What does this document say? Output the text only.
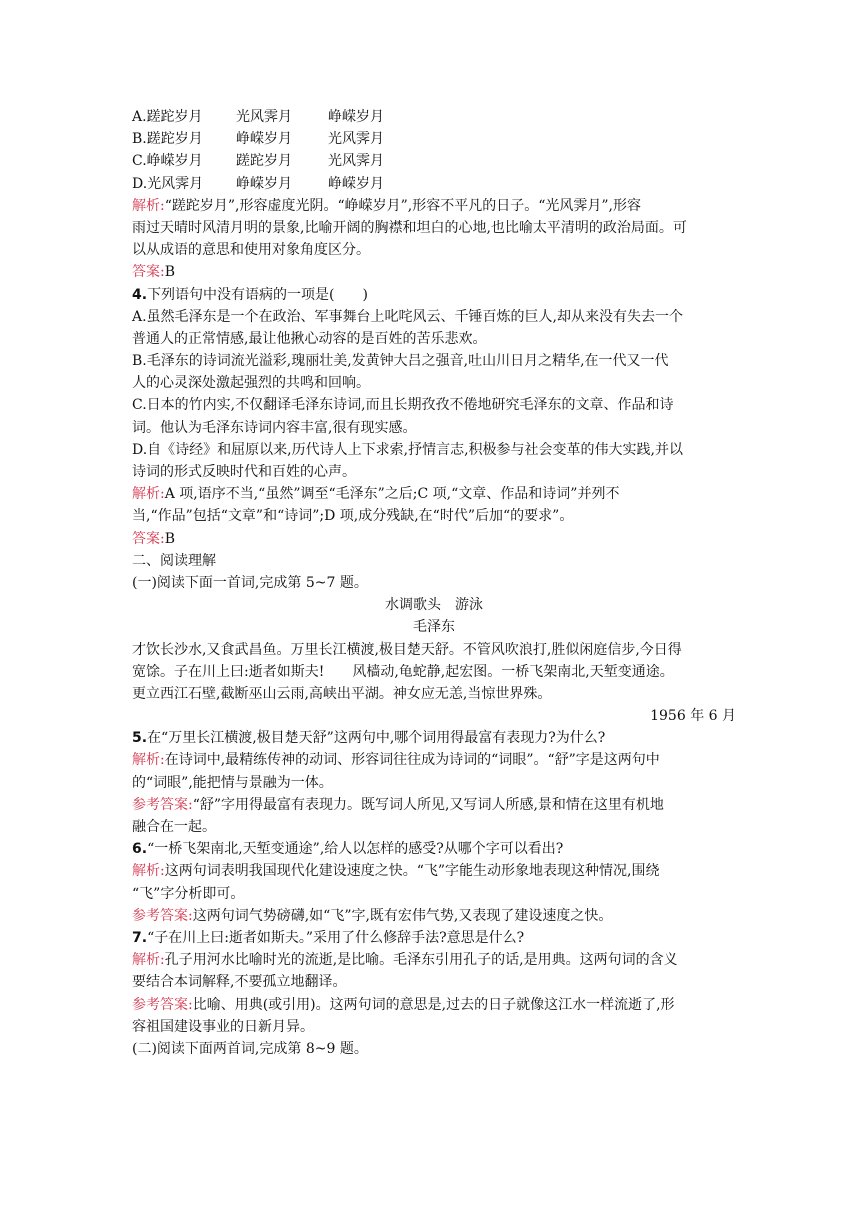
A.蹉跎岁月 光风霁月	峥嵘岁月
B.蹉跎岁月 峥嵘岁月	光风霁月
C.峥嵘岁月 蹉跎岁月	光风霁月
D.光风霁月 峥嵘岁月	峥嵘岁月
解析:“蹉跎岁月”,形容虚度光阴。“峥嵘岁月”,形容不平凡的日子。“光风霁月”,形容
雨过天晴时风清月明的景象,比喻开阔的胸襟和坦白的心地,也比喻太平清明的政治局面。可
以从成语的意思和使用对象角度区分。
答案:B
4.下列语句中没有语病的一项是(　　)
A.虽然毛泽东是一个在政治、军事舞台上叱咤风云、千锤百炼的巨人,却从来没有失去一个
普通人的正常情感,最让他揪心动容的是百姓的苦乐悲欢。
B.毛泽东的诗词流光溢彩,瑰丽壮美,发黄钟大吕之强音,吐山川日月之精华,在一代又一代
人的心灵深处激起强烈的共鸣和回响。
C.日本的竹内实,不仅翻译毛泽东诗词,而且长期孜孜不倦地研究毛泽东的文章、作品和诗
词。他认为毛泽东诗词内容丰富,很有现实感。
D.自《诗经》和屈原以来,历代诗人上下求索,抒情言志,积极参与社会变革的伟大实践,并以
诗词的形式反映时代和百姓的心声。
解析:A 项,语序不当,“虽然”调至“毛泽东”之后;C 项,“文章、作品和诗词”并列不
当,“作品”包括“文章”和“诗词”;D 项,成分残缺,在“时代”后加“的要求”。
答案:B
二、阅读理解
(一)阅读下面一首词,完成第 5~7 题。
水调歌头　游泳
毛泽东
才饮长沙水,又食武昌鱼。万里长江横渡,极目楚天舒。不管风吹浪打,胜似闲庭信步,今日得
宽馀。子在川上曰:逝者如斯夫!　　风樯动,龟蛇静,起宏图。一桥飞架南北,天堑变通途。
更立西江石壁,截断巫山云雨,高峡出平湖。神女应无恙,当惊世界殊。
1956 年 6 月
5.在“万里长江横渡,极目楚天舒”这两句中,哪个词用得最富有表现力?为什么?
解析:在诗词中,最精练传神的动词、形容词往往成为诗词的“词眼”。“舒”字是这两句中
的“词眼”,能把情与景融为一体。
参考答案:“舒”字用得最富有表现力。既写词人所见,又写词人所感,景和情在这里有机地
融合在一起。
6.“一桥飞架南北,天堑变通途”,给人以怎样的感受?从哪个字可以看出?
解析:这两句词表明我国现代化建设速度之快。“飞”字能生动形象地表现这种情况,围绕
“飞”字分析即可。
参考答案:这两句词气势磅礴,如“飞”字,既有宏伟气势,又表现了建设速度之快。
7.“子在川上曰:逝者如斯夫。”采用了什么修辞手法?意思是什么?
解析:孔子用河水比喻时光的流逝,是比喻。毛泽东引用孔子的话,是用典。这两句词的含义
要结合本词解释,不要孤立地翻译。
参考答案:比喻、用典(或引用)。这两句词的意思是,过去的日子就像这江水一样流逝了,形
容祖国建设事业的日新月异。
(二)阅读下面两首词,完成第 8~9 题。
